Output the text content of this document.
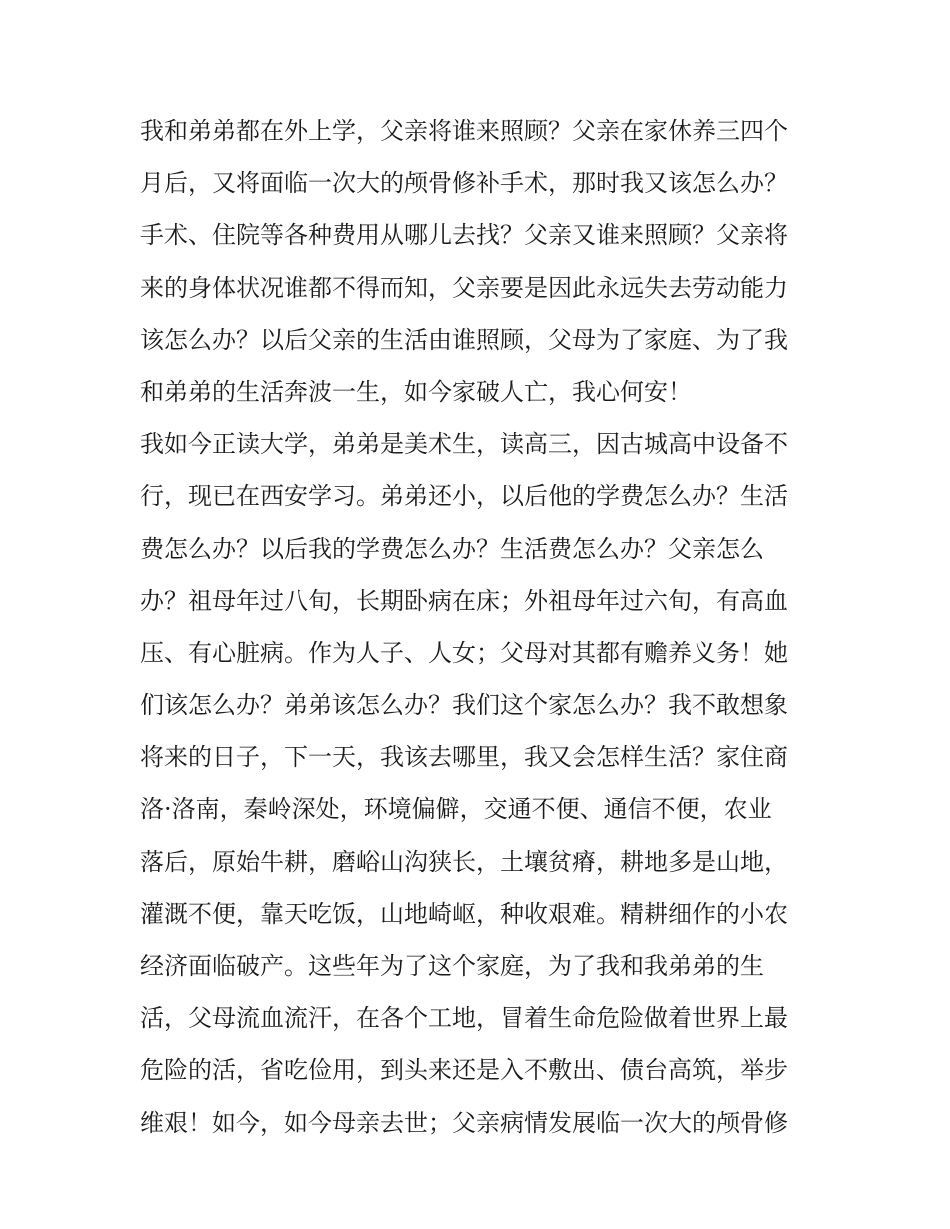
我和弟弟都在外上学，父亲将谁来照顾？父亲在家休养三四个
月后，又将面临一次大的颅骨修补手术，那时我又该怎么办？
手术、住院等各种费用从哪儿去找？父亲又谁来照顾？父亲将
来的身体状况谁都不得而知，父亲要是因此永远失去劳动能力
该怎么办？以后父亲的生活由谁照顾，父母为了家庭、为了我
和弟弟的生活奔波一生，如今家破人亡，我心何安！
我如今正读大学，弟弟是美术生，读高三，因古城高中设备不
行，现已在西安学习。弟弟还小，以后他的学费怎么办？生活
费怎么办？以后我的学费怎么办？生活费怎么办？父亲怎么
办？祖母年过八旬，长期卧病在床；外祖母年过六旬，有高血
压、有心脏病。作为人子、人女；父母对其都有赡养义务！她
们该怎么办？弟弟该怎么办？我们这个家怎么办？我不敢想象
将来的日子，下一天，我该去哪里，我又会怎样生活？家住商
洛·洛南，秦岭深处，环境偏僻，交通不便、通信不便，农业
落后，原始牛耕，磨峪山沟狭长，土壤贫瘠，耕地多是山地，
灌溉不便，靠天吃饭，山地崎岖，种收艰难。精耕细作的小农
经济面临破产。这些年为了这个家庭，为了我和我弟弟的生
活，父母流血流汗，在各个工地，冒着生命危险做着世界上最
危险的活，省吃俭用，到头来还是入不敷出、债台高筑，举步
维艰！如今，如今母亲去世；父亲病情发展临一次大的颅骨修
